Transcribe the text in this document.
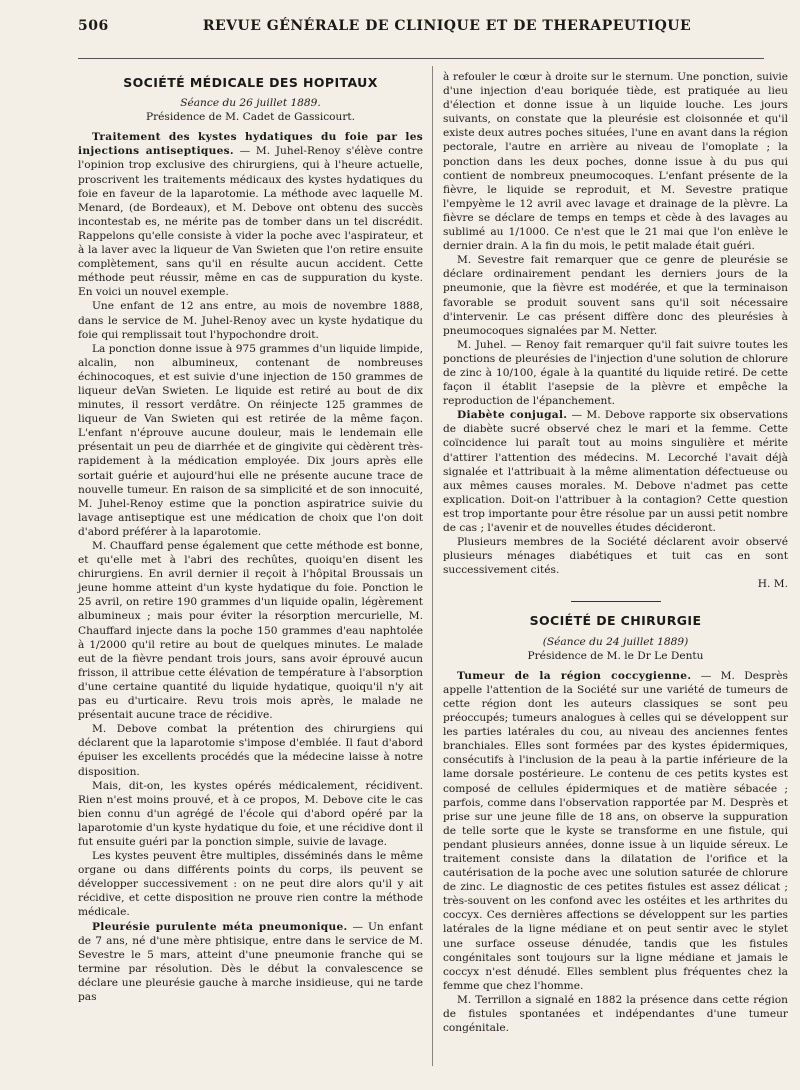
506	REVUE GÉNÉRALE DE CLINIQUE ET DE THERAPEUTIQUE
SOCIÉTÉ MÉDICALE DES HOPITAUX
Séance du 26 juillet 1889.
Présidence de M. Cadet de Gassicourt.

Traitement des kystes hydatiques du foie par les injections antiseptiques. — M. Juhel-Renoy s'élève contre l'opinion trop exclusive des chirurgiens, qui à l'heure actuelle, proscrivent les traitements médicaux des kystes hydatiques du foie en faveur de la laparotomie. La méthode avec laquelle M. Menard, (de Bordeaux), et M. Debove ont obtenu des succès incontestab es, ne mérite pas de tomber dans un tel discrédit. Rappelons qu'elle consiste à vider la poche avec l'aspirateur, et à la laver avec la liqueur de Van Swieten que l'on retire ensuite complètement, sans qu'il en résulte aucun accident. Cette méthode peut réussir, même en cas de suppuration du kyste. En voici un nouvel exemple.

Une enfant de 12 ans entre, au mois de novembre 1888, dans le service de M. Juhel-Renoy avec un kyste hydatique du foie qui remplissait tout l'hypochondre droit.

La ponction donne issue à 975 grammes d'un liquide limpide, alcalin, non albumineux, contenant de nombreuses échinocoques, et est suivie d'une injection de 150 grammes de liqueur deVan Swieten. Le liquide est retiré au bout de dix minutes, il ressort verdâtre. On réinjecte 125 grammes de liqueur de Van Swieten qui est retirée de la même façon. L'enfant n'éprouve aucune douleur, mais le lendemain elle présentait un peu de diarrhée et de gingivite qui cèdèrent très-rapidement à la médication employée. Dix jours après elle sortait guérie et aujourd'hui elle ne présente aucune trace de nouvelle tumeur. En raison de sa simplicité et de son innocuité, M. Juhel-Renoy estime que la ponction aspiratrice suivie du lavage antiseptique est une médication de choix que l'on doit d'abord préférer à la laparotomie.

M. Chauffard pense également que cette méthode est bonne, et qu'elle met à l'abri des rechûtes, quoiqu'en disent les chirurgiens. En avril dernier il reçoit à l'hôpital Broussais un jeune homme atteint d'un kyste hydatique du foie. Ponction le 25 avril, on retire 190 grammes d'un liquide opalin, légèrement albumineux ; mais pour éviter la résorption mercurielle, M. Chauffard injecte dans la poche 150 grammes d'eau naphtolée à 1/2000 qu'il retire au bout de quelques minutes. Le malade eut de la fièvre pendant trois jours, sans avoir éprouvé aucun frisson, il attribue cette élévation de température à l'absorption d'une certaine quantité du liquide hydatique, quoiqu'il n'y ait pas eu d'urticaire. Revu trois mois après, le malade ne présentait aucune trace de récidive.

M. Debove combat la prétention des chirurgiens qui déclarent que la laparotomie s'impose d'emblée. Il faut d'abord épuiser les excellents procédés que la médecine laisse à notre disposition.

Mais, dit-on, les kystes opérés médicalement, récidivent. Rien n'est moins prouvé, et à ce propos, M. Debove cite le cas bien connu d'un agrégé de l'école qui d'abord opéré par la laparotomie d'un kyste hydatique du foie, et une récidive dont il fut ensuite guéri par la ponction simple, suivie de lavage.

Les kystes peuvent être multiples, disséminés dans le même organe ou dans différents points du corps, ils peuvent se développer successivement : on ne peut dire alors qu'il y ait récidive, et cette disposition ne prouve rien contre la méthode médicale.

Pleurésie purulente méta pneumonique. — Un enfant de 7 ans, né d'une mère phtisique, entre dans le service de M. Sevestre le 5 mars, atteint d'une pneumonie franche qui se termine par résolution. Dès le début la convalescence se déclare une pleurésie gauche à marche insidieuse, qui ne tarde pas

à refouler le cœur à droite sur le sternum. Une ponction, suivie d'une injection d'eau boriquée tiède, est pratiquée au lieu d'élection et donne issue à un liquide louche. Les jours suivants, on constate que la pleurésie est cloisonnée et qu'il existe deux autres poches situées, l'une en avant dans la région pectorale, l'autre en arrière au niveau de l'omoplate ; la ponction dans les deux poches, donne issue à du pus qui contient de nombreux pneumocoques. L'enfant présente de la fièvre, le liquide se reproduit, et M. Sevestre pratique l'empyème le 12 avril avec lavage et drainage de la plèvre. La fièvre se déclare de temps en temps et cède à des lavages au sublimé au 1/1000. Ce n'est que le 21 mai que l'on enlève le dernier drain. A la fin du mois, le petit malade était guéri.

M. Sevestre fait remarquer que ce genre de pleurésie se déclare ordinairement pendant les derniers jours de la pneumonie, que la fièvre est modérée, et que la terminaison favorable se produit souvent sans qu'il soit nécessaire d'intervenir. Le cas présent diffère donc des pleurésies à pneumocoques signalées par M. Netter.

M. Juhel. — Renoy fait remarquer qu'il fait suivre toutes les ponctions de pleurésies de l'injection d'une solution de chlorure de zinc à 10/100, égale à la quantité du liquide retiré. De cette façon il établit l'asepsie de la plèvre et empêche la reproduction de l'épanchement.

Diabète conjugal. — M. Debove rapporte six observations de diabète sucré observé chez le mari et la femme. Cette coïncidence lui paraît tout au moins singulière et mérite d'attirer l'attention des médecins. M. Lecorché l'avait déjà signalée et l'attribuait à la même alimentation défectueuse ou aux mêmes causes morales. M. Debove n'admet pas cette explication. Doit-on l'attribuer à la contagion? Cette question est trop importante pour être résolue par un aussi petit nombre de cas ; l'avenir et de nouvelles études décideront.

Plusieurs membres de la Société déclarent avoir observé plusieurs ménages diabétiques et tuit cas en sont successivement cités.

H. M.
SOCIÉTÉ DE CHIRURGIE
(Séance du 24 juillet 1889)
Présidence de M. le Dr Le Dentu

Tumeur de la région coccygienne. — M. Desprès appelle l'attention de la Société sur une variété de tumeurs de cette région dont les auteurs classiques se sont peu préoccupés; tumeurs analogues à celles qui se développent sur les parties latérales du cou, au niveau des anciennes fentes branchiales. Elles sont formées par des kystes épidermiques, consécutifs à l'inclusion de la peau à la partie inférieure de la lame dorsale postérieure. Le contenu de ces petits kystes est composé de cellules épidermiques et de matière sébacée ; parfois, comme dans l'observation rapportée par M. Desprès et prise sur une jeune fille de 18 ans, on observe la suppuration de telle sorte que le kyste se transforme en une fistule, qui pendant plusieurs années, donne issue à un liquide séreux. Le traitement consiste dans la dilatation de l'orifice et la cautérisation de la poche avec une solution saturée de chlorure de zinc. Le diagnostic de ces petites fistules est assez délicat ; très-souvent on les confond avec les ostéites et les arthrites du coccyx. Ces dernières affections se développent sur les parties latérales de la ligne médiane et on peut sentir avec le stylet une surface osseuse dénudée, tandis que les fistules congénitales sont toujours sur la ligne médiane et jamais le coccyx n'est dénudé. Elles semblent plus fréquentes chez la femme que chez l'homme.

M. Terrillon a signalé en 1882 la présence dans cette région de fistules spontanées et indépendantes d'une tumeur congénitale.
